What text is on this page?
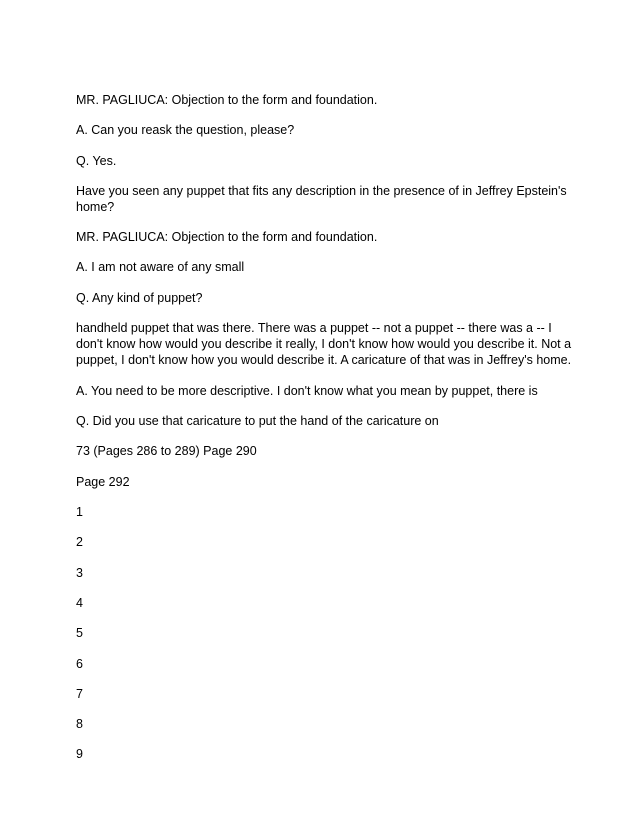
MR. PAGLIUCA: Objection to the form and foundation.

A. Can you reask the question, please?

Q. Yes.

Have you seen any puppet that fits any description in the presence of in Jeffrey Epstein's home?

MR. PAGLIUCA: Objection to the form and foundation.

A. I am not aware of any small

Q. Any kind of puppet?

handheld puppet that was there. There was a puppet -- not a puppet -- there was a -- I don't know how would you describe it really, I don't know how would you describe it. Not a puppet, I don't know how you would describe it. A caricature of that was in Jeffrey's home.

A. You need to be more descriptive. I don't know what you mean by puppet, there is

Q. Did you use that caricature to put the hand of the caricature on

73 (Pages 286 to 289) Page 290

Page 292

1

2

3

4

5

6

7

8

9
